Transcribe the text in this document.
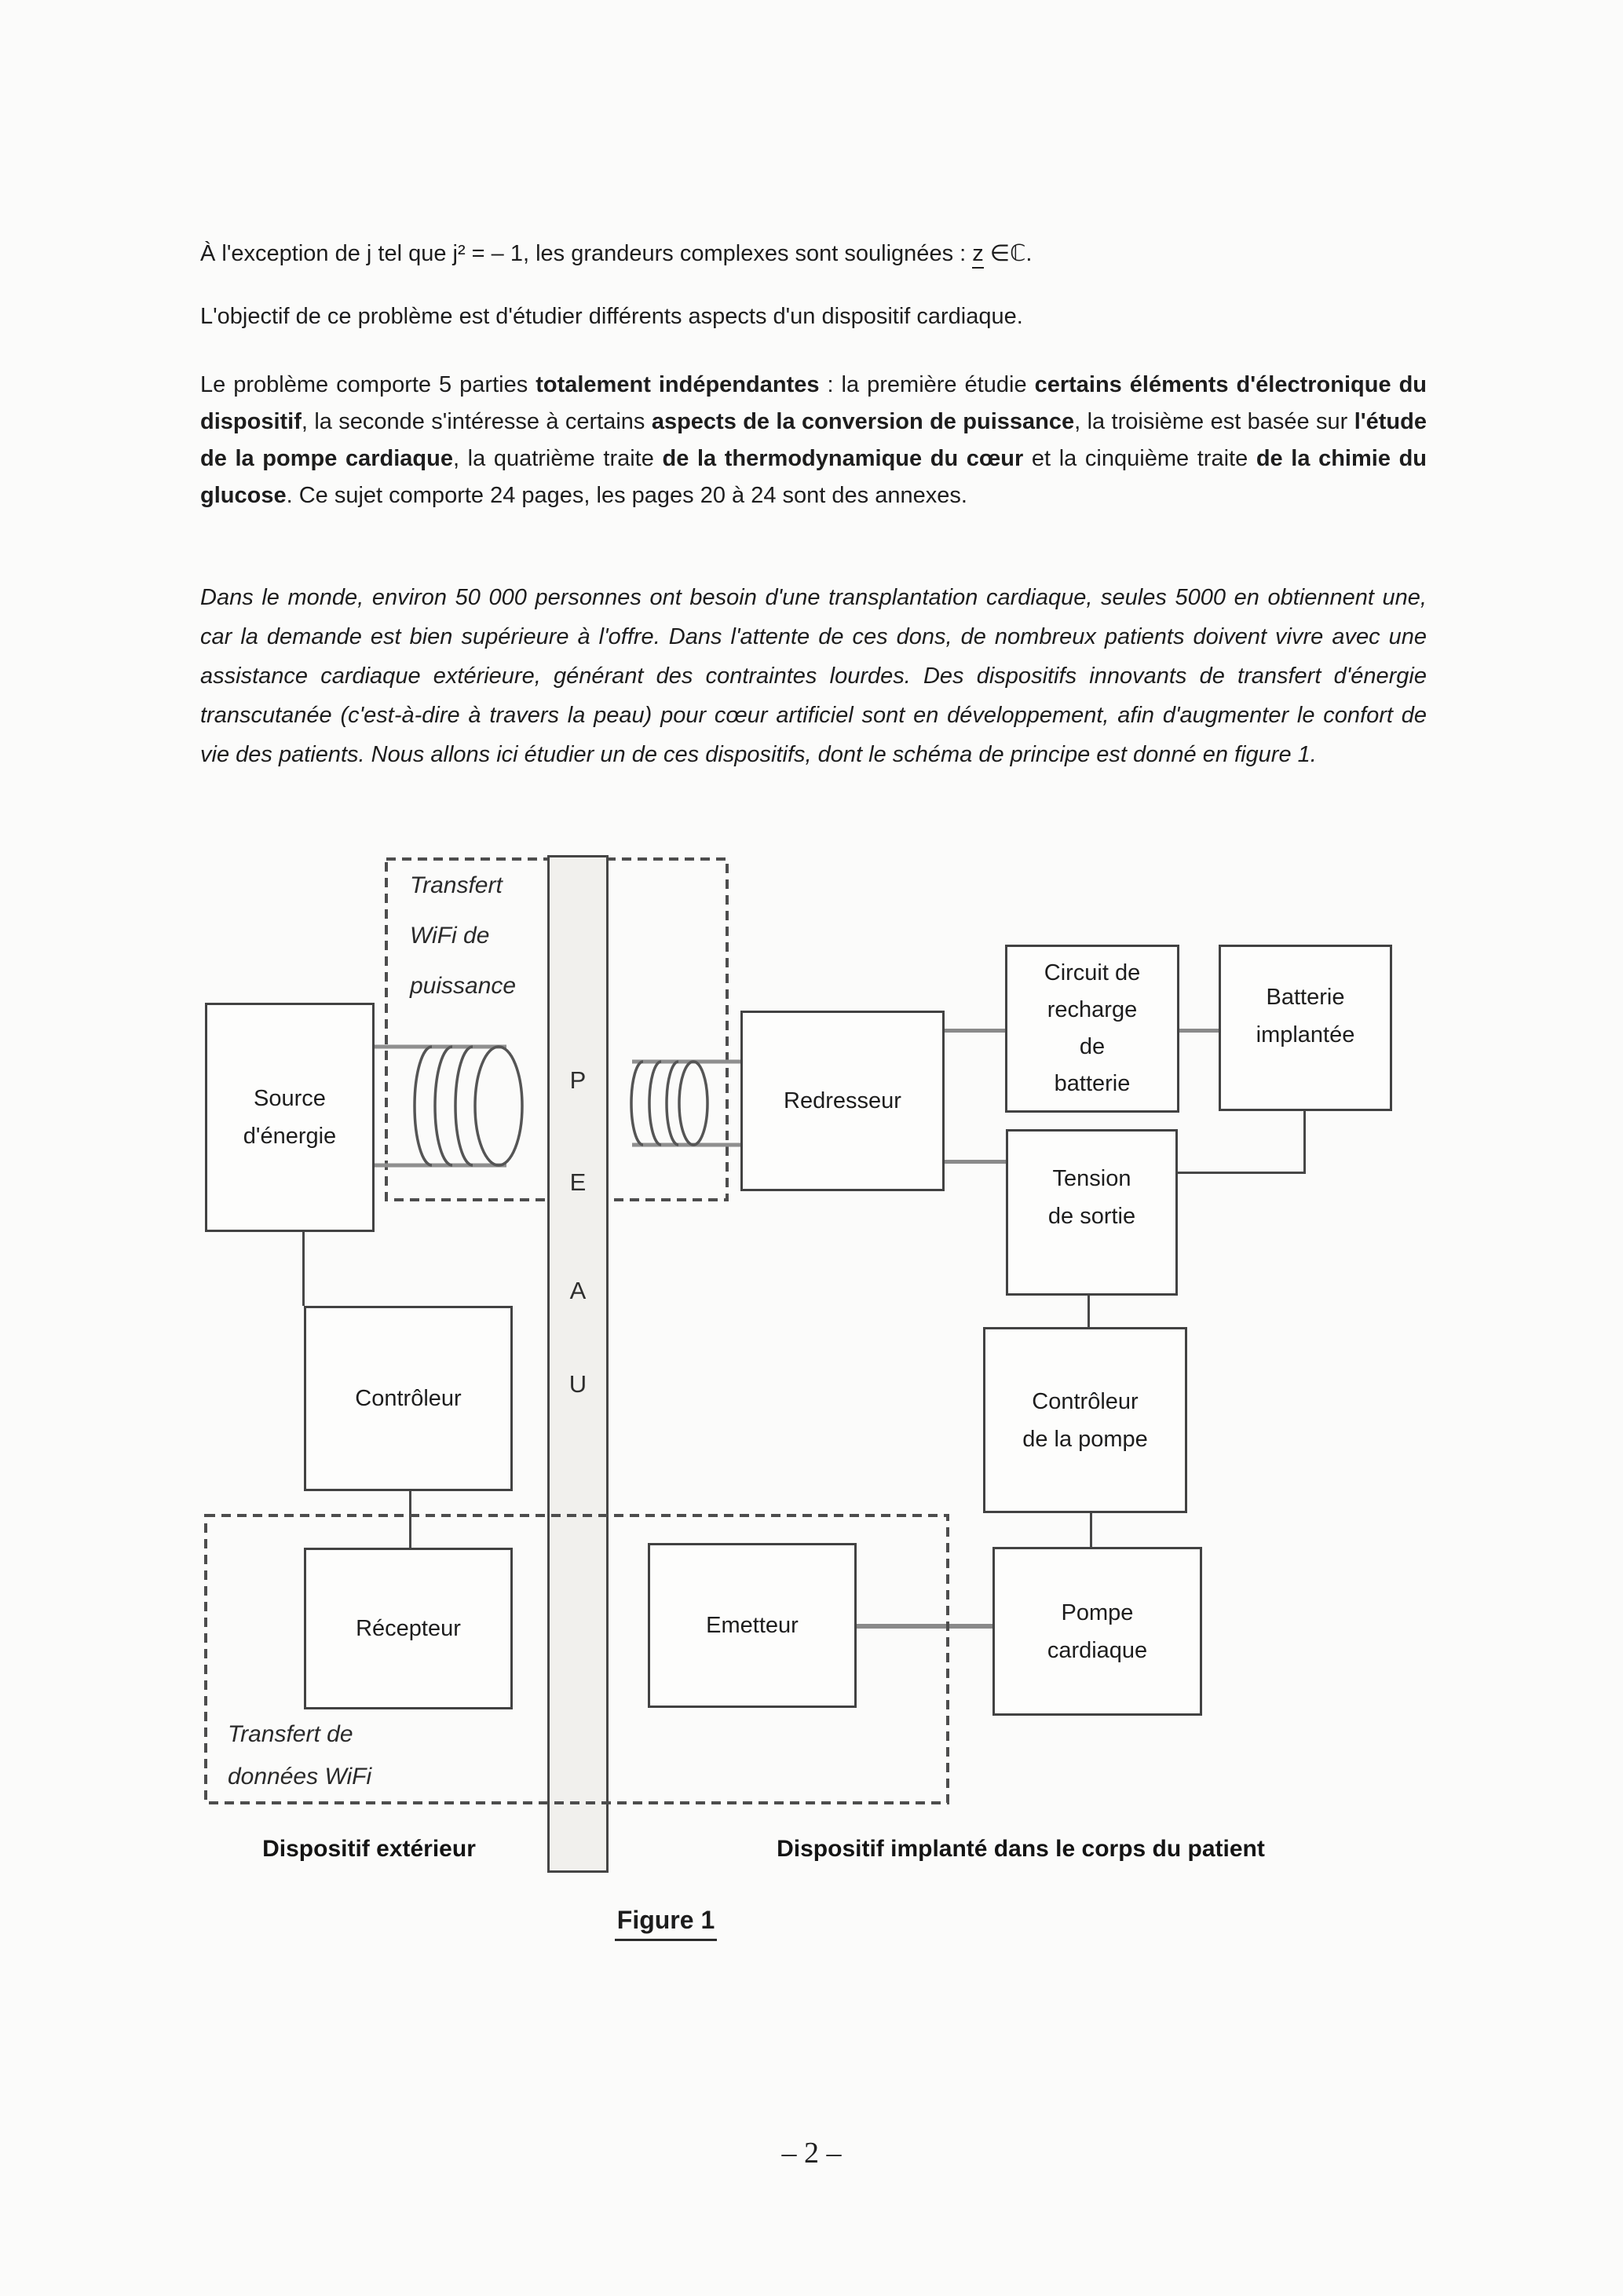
À l'exception de j tel que j² = – 1, les grandeurs complexes sont soulignées : z ∈ℂ.
L'objectif de ce problème est d'étudier différents aspects d'un dispositif cardiaque.
Le problème comporte 5 parties totalement indépendantes : la première étudie certains éléments d'électronique du dispositif, la seconde s'intéresse à certains aspects de la conversion de puissance, la troisième est basée sur l'étude de la pompe cardiaque, la quatrième traite de la thermodynamique du cœur et la cinquième traite de la chimie du glucose. Ce sujet comporte 24 pages, les pages 20 à 24 sont des annexes.
Dans le monde, environ 50 000 personnes ont besoin d'une transplantation cardiaque, seules 5000 en obtiennent une, car la demande est bien supérieure à l'offre. Dans l'attente de ces dons, de nombreux patients doivent vivre avec une assistance cardiaque extérieure, générant des contraintes lourdes. Des dispositifs innovants de transfert d'énergie transcutanée (c'est-à-dire à travers la peau) pour cœur artificiel sont en développement, afin d'augmenter le confort de vie des patients. Nous allons ici étudier un de ces dispositifs, dont le schéma de principe est donné en figure 1.
P
E
A
U
Transfert
WiFi de
puissance
Transfert de
données WiFi
Source
d'énergie
Contrôleur
Récepteur
Redresseur
Circuit de
recharge
de
batterie
Batterie
implantée
Tension
de sortie
Contrôleur
de la pompe
Emetteur
Pompe
cardiaque
Dispositif extérieur	Dispositif implanté dans le corps du patient
Figure 1
– 2 –
